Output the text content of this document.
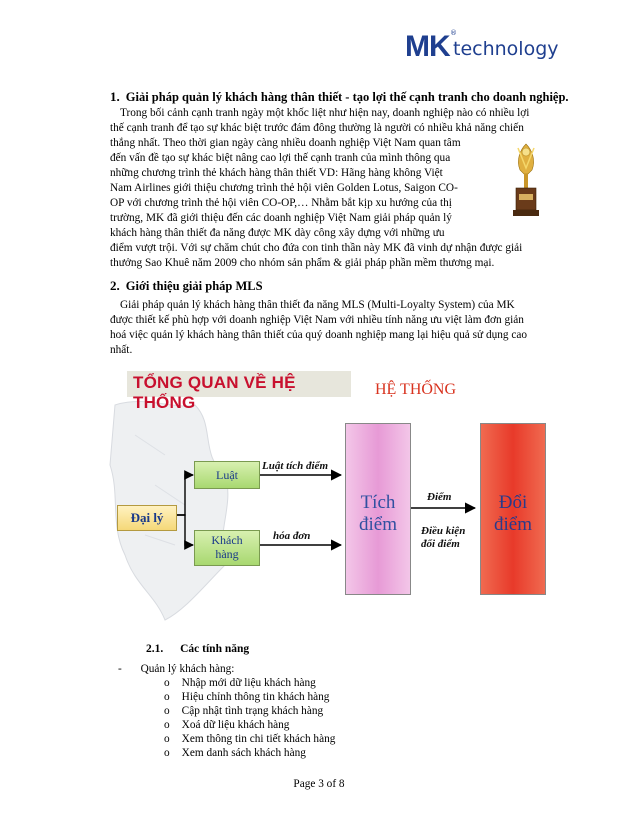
MK ®
technology
1. Giải pháp quản lý khách hàng thân thiết - tạo lợi thế cạnh tranh cho doanh nghiệp.
Trong bối cảnh cạnh tranh ngày một khốc liệt như hiện nay, doanh nghiệp nào có nhiều lợi
thế cạnh tranh để tạo sự khác biệt trước đám đông thường là người có nhiều khả năng chiến
thắng nhất. Theo thời gian ngày càng nhiều doanh nghiệp Việt Nam quan tâm
đến vấn đề tạo sự khác biệt nâng cao lợi thế cạnh tranh của mình thông qua
những chương trình thẻ khách hàng thân thiết VD: Hãng hàng không Việt
Nam Airlines giới thiệu chương trình thẻ hội viên Golden Lotus, Saigon CO-
OP với chương trình thẻ hội viên CO-OP,… Nhằm bắt kịp xu hướng của thị
trường, MK đã giới thiệu đến các doanh nghiệp Việt Nam giải pháp quản lý
khách hàng thân thiết đa năng được MK dày công xây dựng với những ưu
điểm vượt trội. Với sự chăm chút cho đứa con tinh thần này MK đã vinh dự nhận được giải
thưởng Sao Khuê năm 2009 cho nhóm sản phẩm & giải pháp phần mềm thương mại.
2. Giới thiệu giải pháp MLS
Giải pháp quản lý khách hàng thân thiết đa năng MLS (Multi-Loyalty System) của MK
được thiết kế phù hợp với doanh nghiệp Việt Nam với nhiều tính năng ưu việt làm đơn giản
hoá việc quản lý khách hàng thân thiết của quý doanh nghiệp mang lại hiệu quả sử dụng cao
nhất.
TỔNG QUAN VỀ HỆ THỐNG
HỆ THỐNG
Đại lý
Luật
Khách
hàng
Luật tích điểm
hóa đơn
Tích
điểm
Điểm
Điều kiện
đổi điểm
Đổi
điểm
2.1. Các tính năng
- Quản lý khách hàng:
o Nhập mới dữ liệu khách hàng
o Hiệu chỉnh thông tin khách hàng
o Cập nhật tình trạng khách hàng
o Xoá dữ liệu khách hàng
o Xem thông tin chi tiết khách hàng
o Xem danh sách khách hàng
Page 3 of 8
